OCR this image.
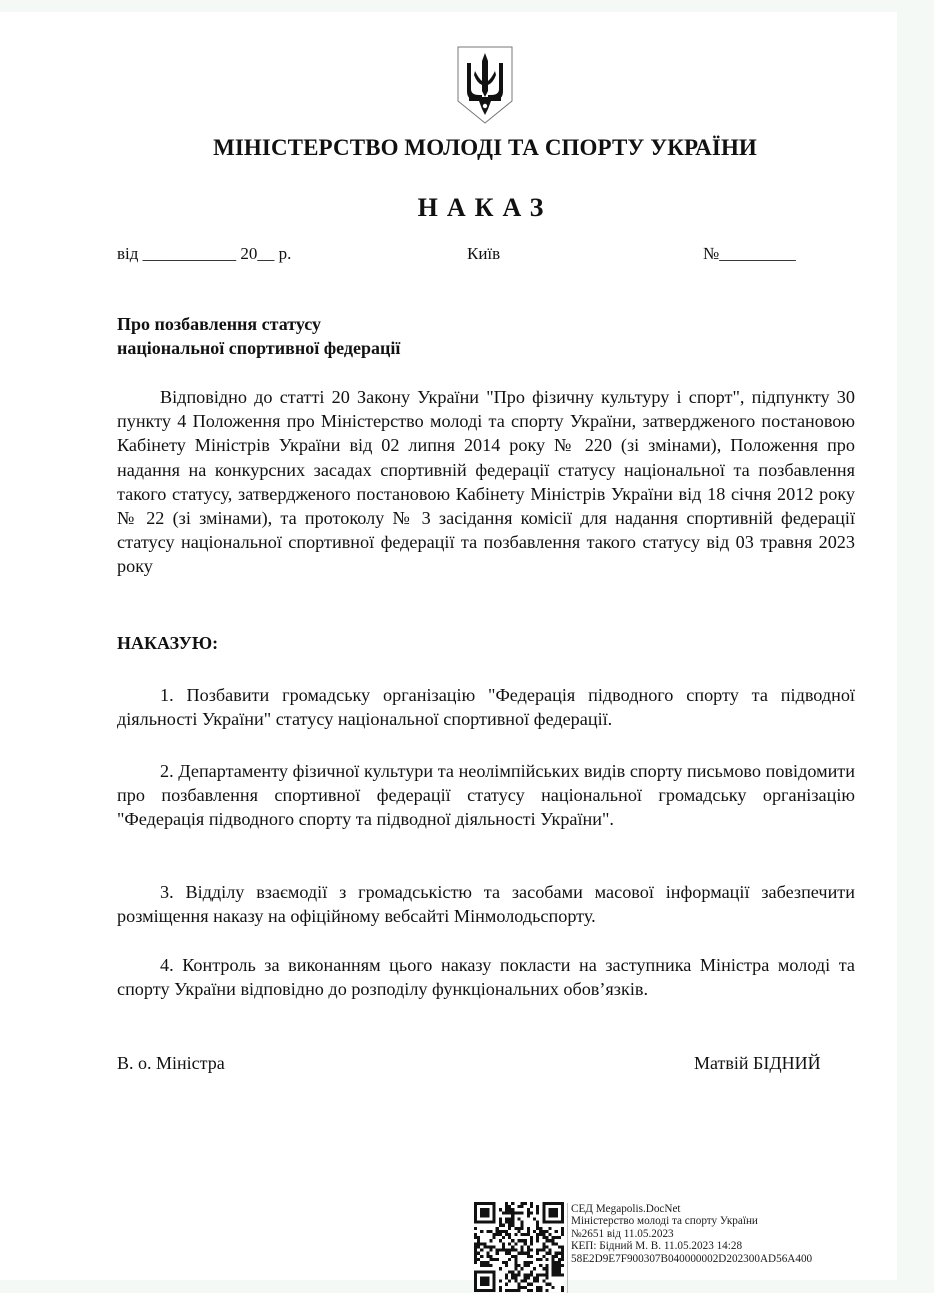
МІНІСТЕРСТВО МОЛОДІ ТА СПОРТУ УКРАЇНИ
НАКАЗ
від ___________ 20__ р.	Київ	№_________
Про позбавлення статусу
національної спортивної федерації
Відповідно до статті 20 Закону України "Про фізичну культуру і спорт", підпункту 30 пункту 4 Положення про Міністерство молоді та спорту України, затвердженого постановою Кабінету Міністрів України від 02 липня 2014 року № 220 (зі змінами), Положення про надання на конкурсних засадах спортивній федерації статусу національної та позбавлення такого статусу, затвердженого постановою Кабінету Міністрів України від 18 січня 2012 року № 22 (зі змінами), та протоколу № 3 засідання комісії для надання спортивній федерації статусу національної спортивної федерації та позбавлення такого статусу від 03 травня 2023 року
НАКАЗУЮ:
1. Позбавити громадську організацію "Федерація підводного спорту та підводної діяльності України" статусу національної спортивної федерації.
2. Департаменту фізичної культури та неолімпійських видів спорту письмово повідомити про позбавлення спортивної федерації статусу національної громадську організацію "Федерація підводного спорту та підводної діяльності України".
3. Відділу взаємодії з громадськістю та засобами масової інформації забезпечити розміщення наказу на офіційному вебсайті Мінмолодьспорту.
4. Контроль за виконанням цього наказу покласти на заступника Міністра молоді та спорту України відповідно до розподілу функціональних обов’язків.
В. о. Міністра	Матвій БІДНИЙ
СЕД Megapolis.DocNet
Міністерство молоді та спорту України
№2651 від 11.05.2023
КЕП: Бідний М. В. 11.05.2023 14:28
58E2D9E7F900307B040000002D202300AD56A400
